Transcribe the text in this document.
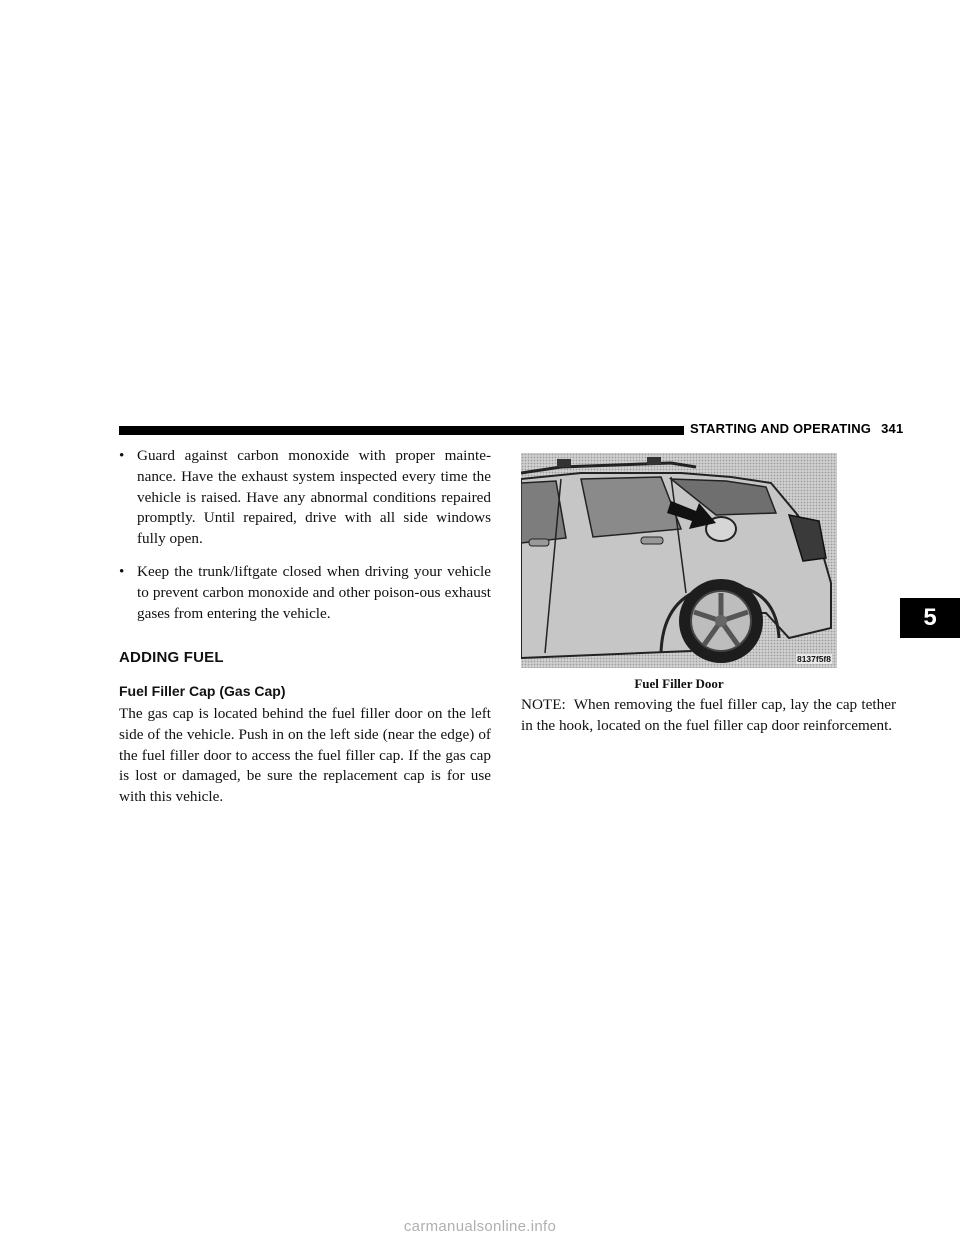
STARTING AND OPERATING 341
• Guard against carbon monoxide with proper mainte-nance. Have the exhaust system inspected every time the vehicle is raised. Have any abnormal conditions repaired promptly. Until repaired, drive with all side windows fully open.
• Keep the trunk/liftgate closed when driving your vehicle to prevent carbon monoxide and other poison-ous exhaust gases from entering the vehicle.
ADDING FUEL
Fuel Filler Cap (Gas Cap)

The gas cap is located behind the fuel filler door on the left side of the vehicle. Push in on the left side (near the edge) of the fuel filler door to access the fuel filler cap. If the gas cap is lost or damaged, be sure the replacement cap is for use with this vehicle.

8137f5f8
Fuel Filler Door
NOTE: When removing the fuel filler cap, lay the cap tether in the hook, located on the fuel filler cap door reinforcement.
5
carmanualsonline.info
